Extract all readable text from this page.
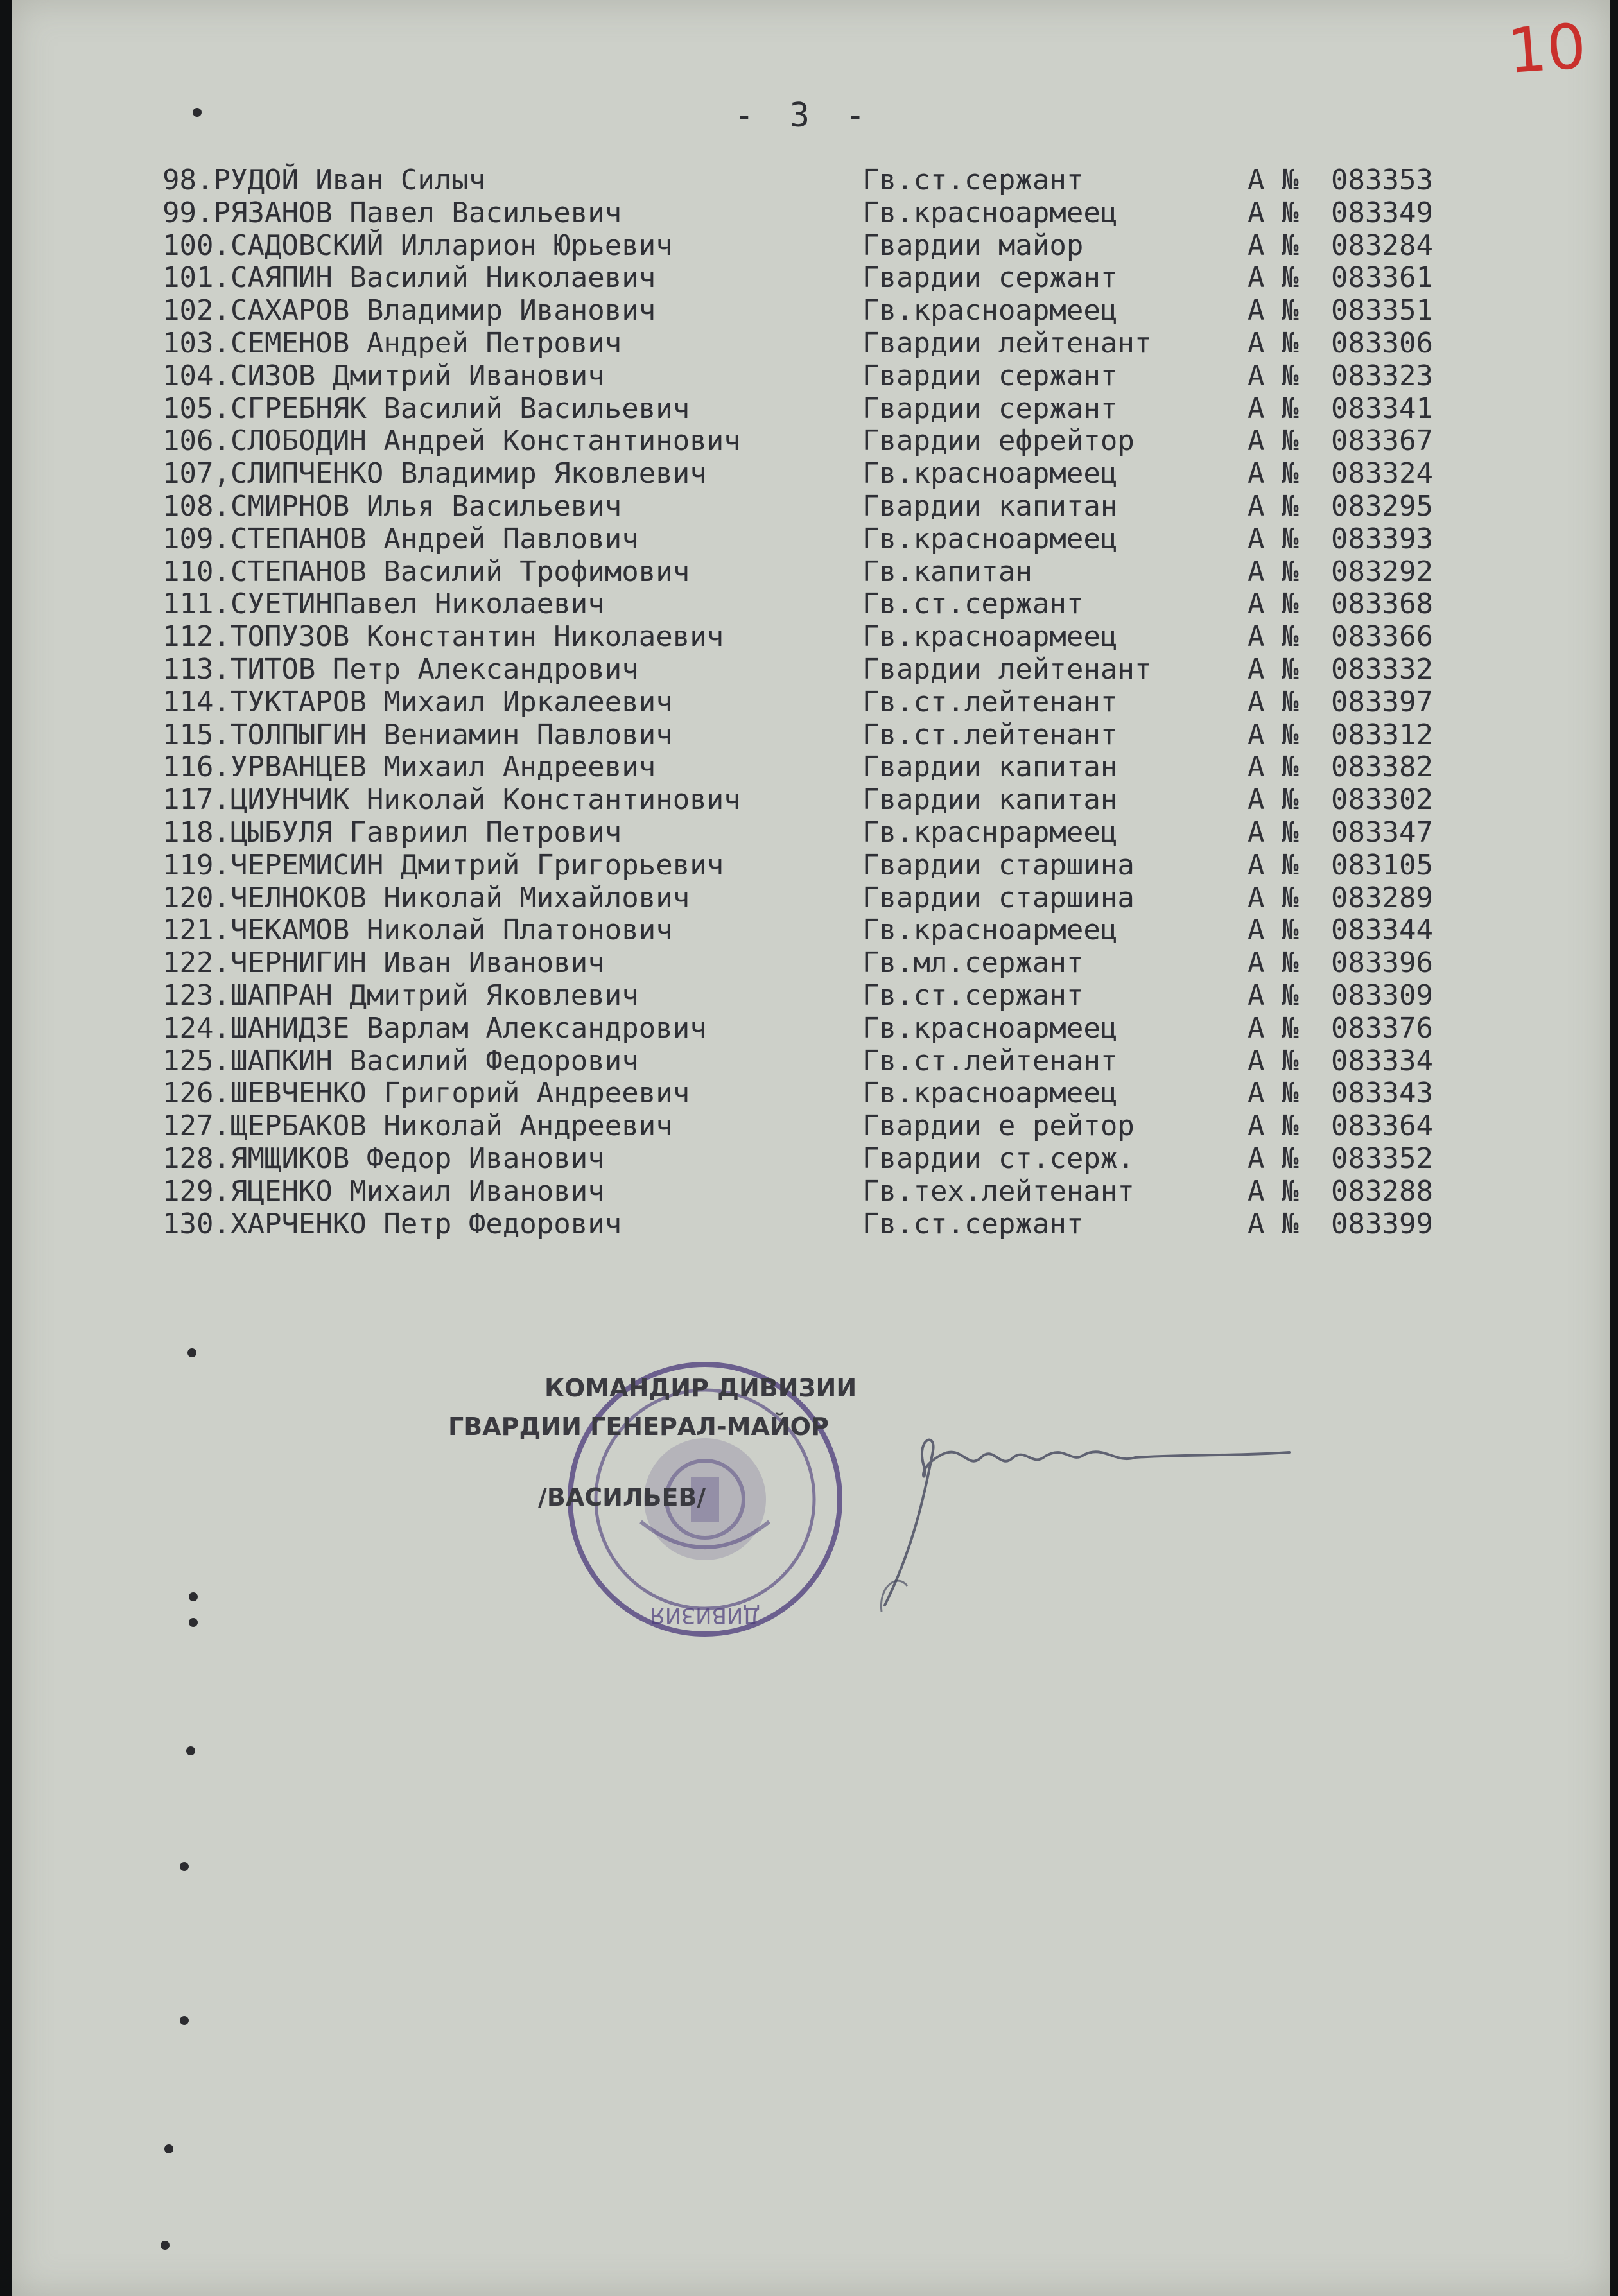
10
- 3 -
98.РУДОЙ Иван Силыч	Гв.ст.сержант	А № 083353
99.РЯЗАНОВ Павел Васильевич	Гв.красноармеец	А № 083349
100.САДОВСКИЙ Илларион Юрьевич	Гвардии майор	А № 083284
101.САЯПИН Василий Николаевич	Гвардии сержант	А № 083361
102.САХАРОВ Владимир Иванович	Гв.красноармеец	А № 083351
103.СЕМЕНОВ Андрей Петрович	Гвардии лейтенант	А № 083306
104.СИЗОВ Дмитрий Иванович	Гвардии сержант	А № 083323
105.СГРЕБНЯК Василий Васильевич	Гвардии сержант	А № 083341
106.СЛОБОДИН Андрей Константинович	Гвардии ефрейтор	А № 083367
107,СЛИПЧЕНКО Владимир Яковлевич	Гв.красноармеец	А № 083324
108.СМИРНОВ Илья Васильевич	Гвардии капитан	А № 083295
109.СТЕПАНОВ Андрей Павлович	Гв.красноармеец	А № 083393
110.СТЕПАНОВ Василий Трофимович	Гв.капитан	А № 083292
111.СУЕТИНПавел Николаевич	Гв.ст.сержант	А № 083368
112.ТОПУЗОВ Константин Николаевич	Гв.красноармеец	А № 083366
113.ТИТОВ Петр Александрович	Гвардии лейтенант	А № 083332
114.ТУКТАРОВ Михаил Иркалеевич	Гв.ст.лейтенант	А № 083397
115.ТОЛПЫГИН Вениамин Павлович	Гв.ст.лейтенант	А № 083312
116.УРВАНЦЕВ Михаил Андреевич	Гвардии капитан	А № 083382
117.ЦИУНЧИК Николай Константинович	Гвардии капитан	А № 083302
118.ЦЫБУЛЯ Гавриил Петрович	Гв.краснрармеец	А № 083347
119.ЧЕРЕМИСИН Дмитрий Григорьевич	Гвардии старшина	А № 083105
120.ЧЕЛНОКОВ Николай Михайлович	Гвардии старшина	А № 083289
121.ЧЕКАМОВ Николай Платонович	Гв.красноармеец	А № 083344
122.ЧЕРНИГИН Иван Иванович	Гв.мл.сержант	А № 083396
123.ШАПРАН Дмитрий Яковлевич	Гв.ст.сержант	А № 083309
124.ШАНИДЗЕ Варлам Александрович	Гв.красноармеец	А № 083376
125.ШАПКИН Василий Федорович	Гв.ст.лейтенант	А № 083334
126.ШЕВЧЕНКО Григорий Андреевич	Гв.красноармеец	А № 083343
127.ЩЕРБАКОВ Николай Андреевич	Гвардии е рейтор	А № 083364
128.ЯМЩИКОВ Федор Иванович	Гвардии ст.серж.	А № 083352
129.ЯЦЕНКО Михаил Иванович	Гв.тех.лейтенант	А № 083288
130.ХАРЧЕНКО Петр Федорович	Гв.ст.сержант	А № 083399
ДИВИЗИЯ
КОМАНДИР ДИВИЗИИ
ГВАРДИИ ГЕНЕРАЛ-МАЙОР
/ВАСИЛЬЕВ/
